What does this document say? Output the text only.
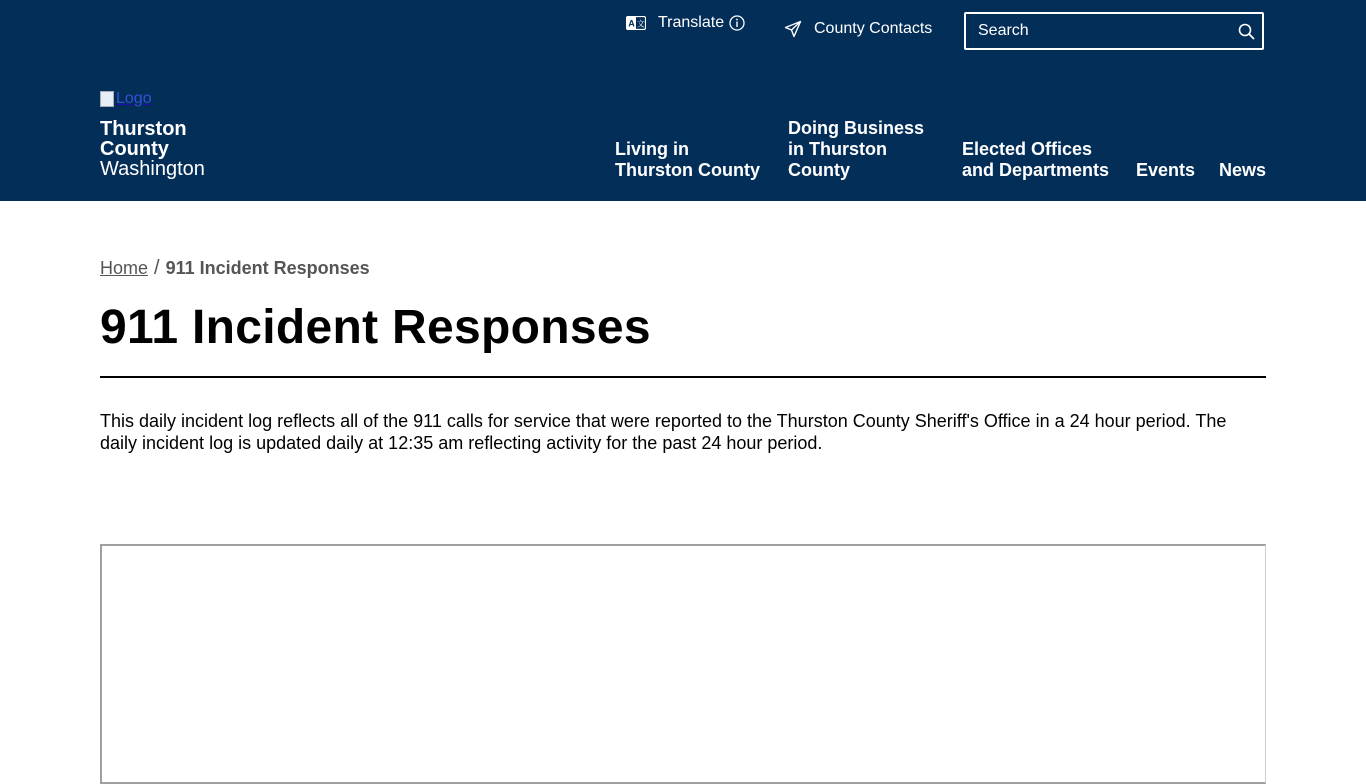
A 文 Translate	County Contacts
Search
Logo
Thurston
County
Washington
Living in
Thurston County
Doing Business
in Thurston
County
Elected Offices
and Departments Events News
Home / 911 Incident Responses
911 Incident Responses

This daily incident log reflects all of the 911 calls for service that were reported to the Thurston County Sheriff's Office in a 24 hour period. The daily incident log is updated daily at 12:35 am reflecting activity for the past 24 hour period.
